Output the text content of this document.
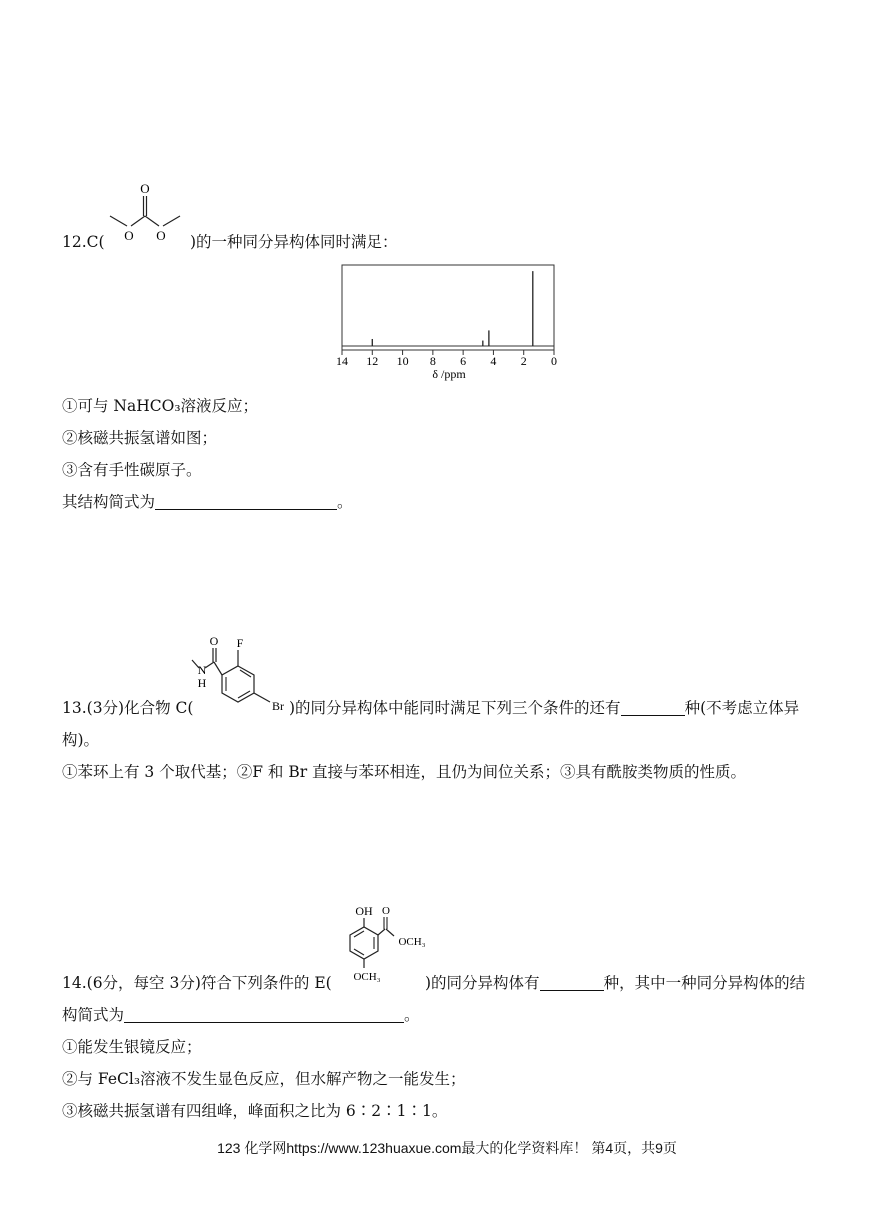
12.C(
O
O O )的一种同分异构体同时满足：
14 12 10 8 6 4 2 0
δ /ppm
①可与 NaHCO₃溶液反应；
②核磁共振氢谱如图；
③含有手性碳原子。
其结构简式为	。
O F
N
H
Br
13.(3分)化合物 C(	)的同分异构体中能同时满足下列三个条件的还有	种(不考虑立体异
构)。
①苯环上有 3 个取代基；②F 和 Br 直接与苯环相连，且仍为间位关系；③具有酰胺类物质的性质。
OH O
OCH₃
OCH₃
14.(6分，每空 3分)符合下列条件的 E(	)的同分异构体有	种，其中一种同分异构体的结
构简式为	。
①能发生银镜反应；
②与 FeCl₃溶液不发生显色反应，但水解产物之一能发生；
③核磁共振氢谱有四组峰，峰面积之比为 6∶2∶1∶1。
123 化学网https://www.123huaxue.com最大的化学资料库！ 第4页，共9页
